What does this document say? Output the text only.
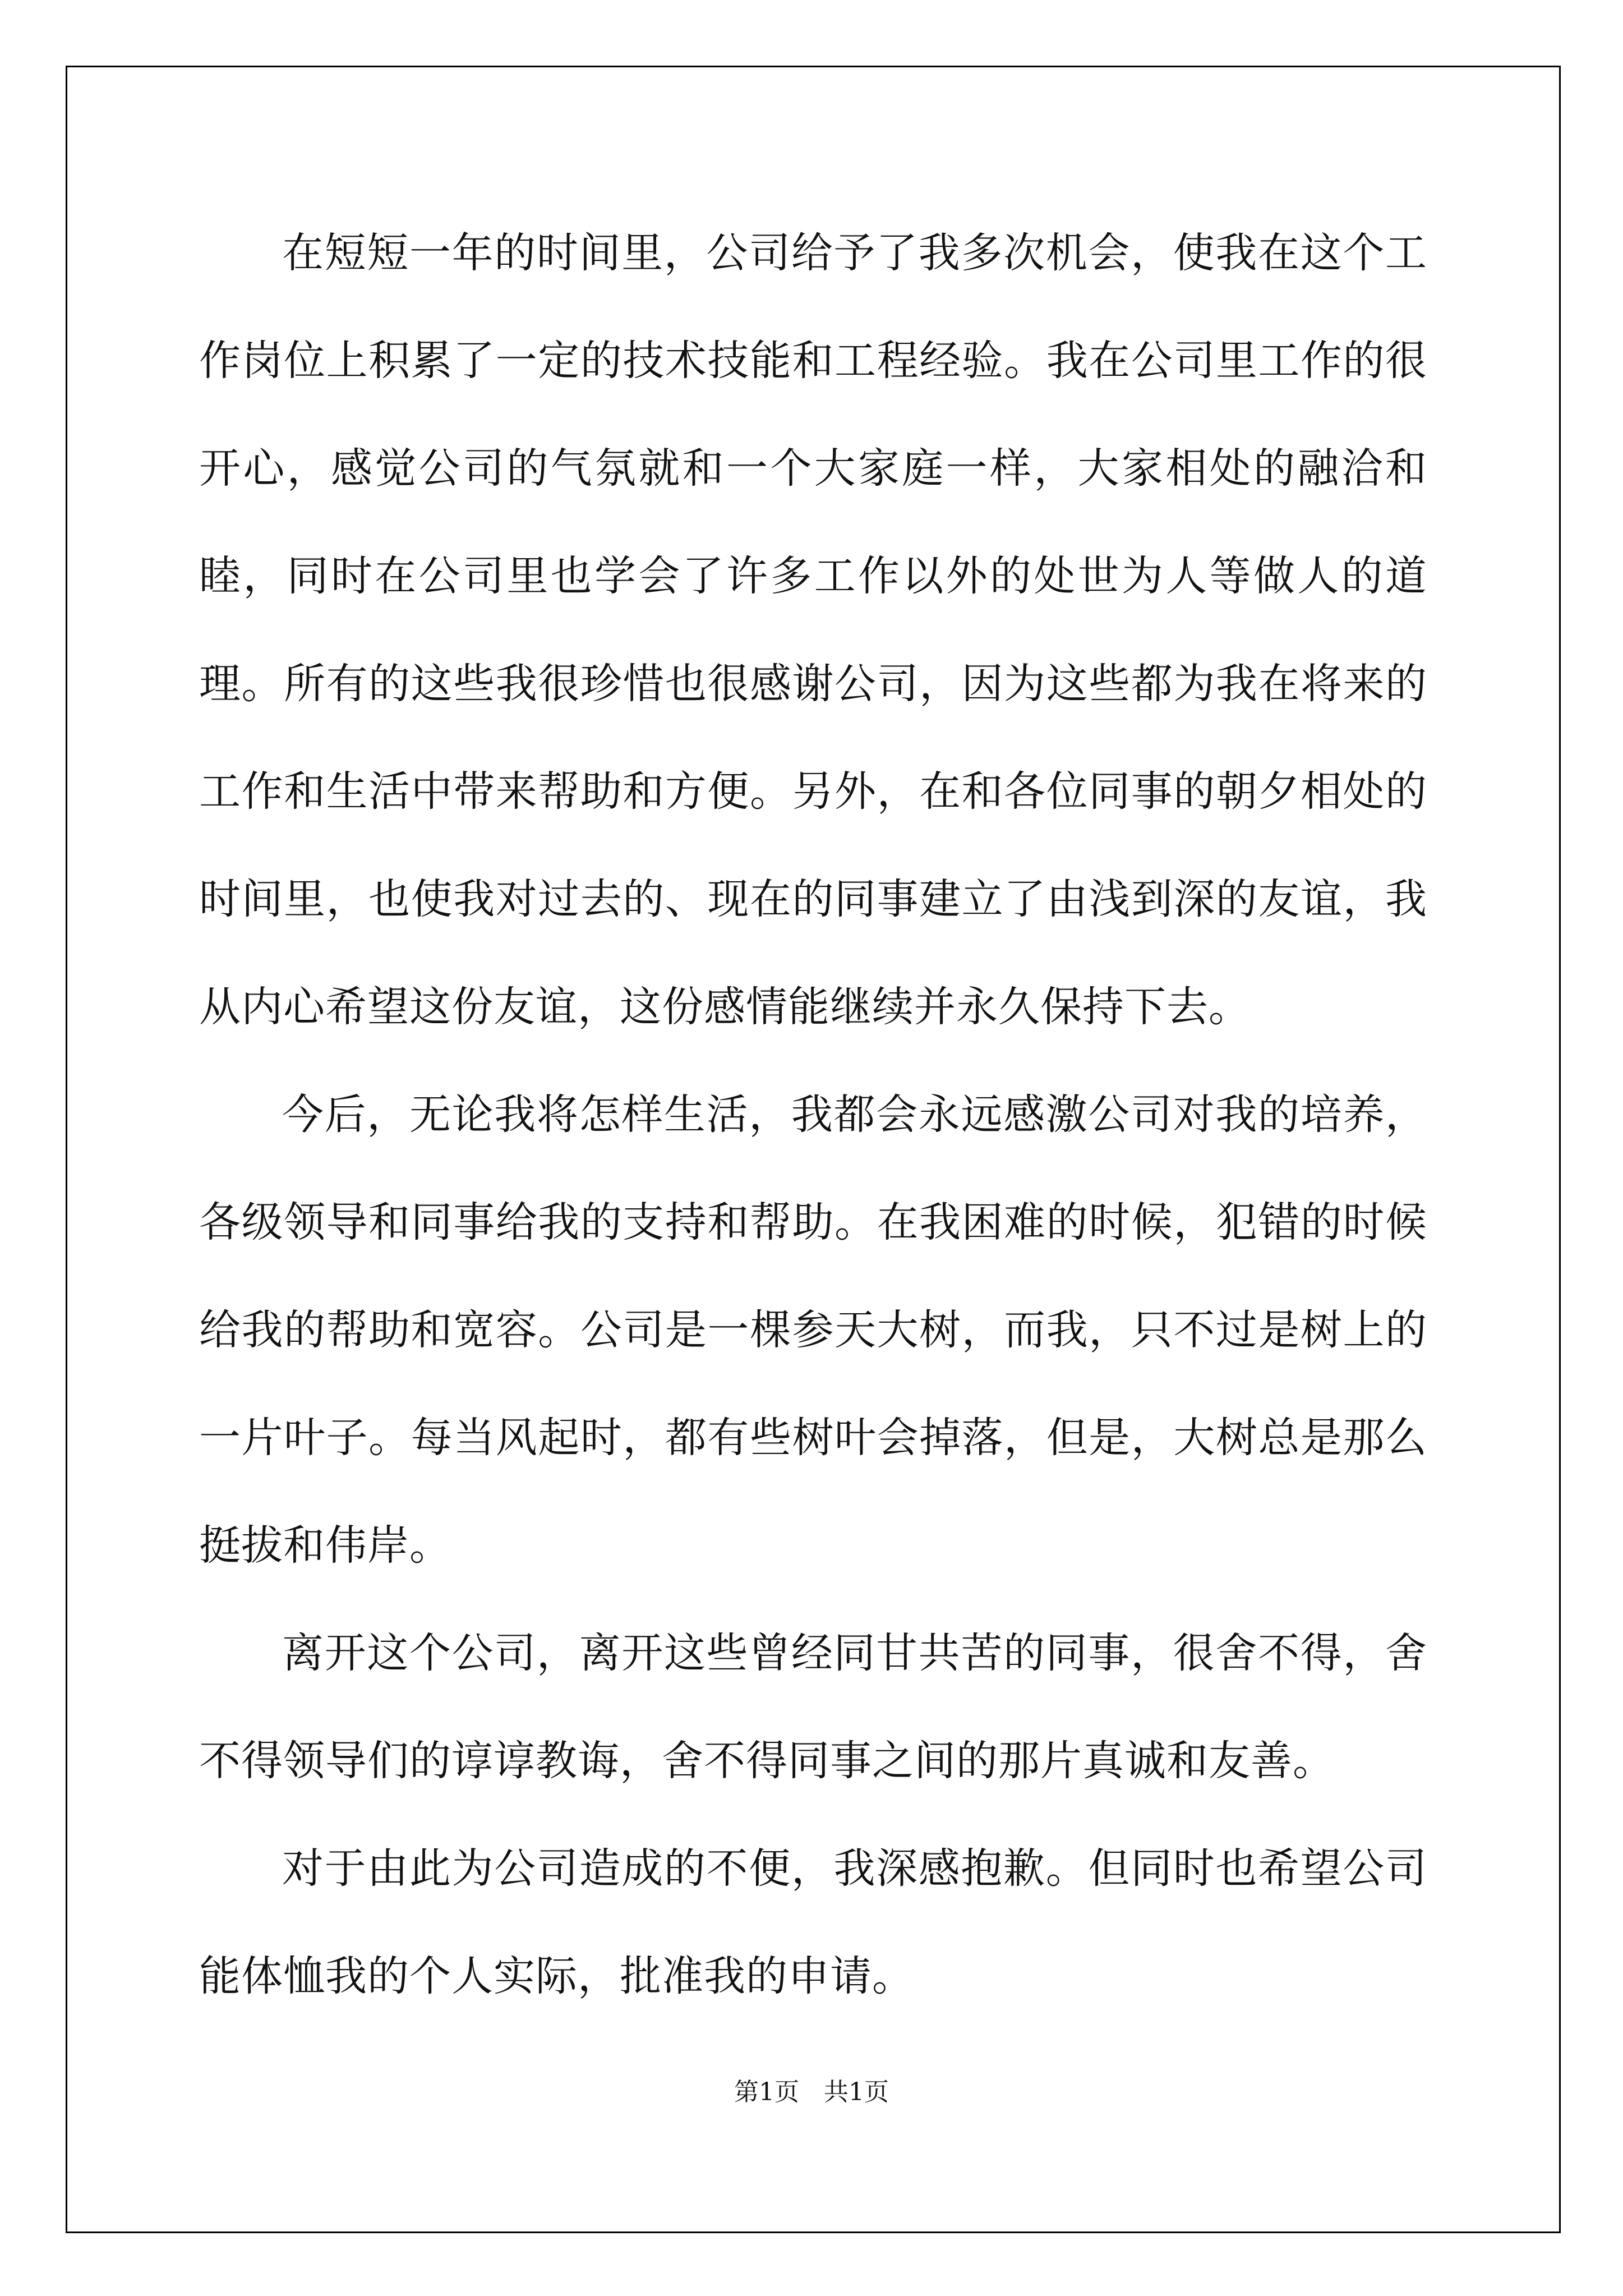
在短短一年的时间里，公司给予了我多次机会，使我在这个工作岗位上积累了一定的技术技能和工程经验。我在公司里工作的很开心，感觉公司的气氛就和一个大家庭一样，大家相处的融洽和睦，同时在公司里也学会了许多工作以外的处世为人等做人的道理。所有的这些我很珍惜也很感谢公司，因为这些都为我在将来的工作和生活中带来帮助和方便。另外，在和各位同事的朝夕相处的时间里，也使我对过去的、现在的同事建立了由浅到深的友谊，我从内心希望这份友谊，这份感情能继续并永久保持下去。

今后，无论我将怎样生活，我都会永远感激公司对我的培养，各级领导和同事给我的支持和帮助。在我困难的时候，犯错的时候给我的帮助和宽容。公司是一棵参天大树，而我，只不过是树上的一片叶子。每当风起时，都有些树叶会掉落，但是，大树总是那么挺拔和伟岸。

离开这个公司，离开这些曾经同甘共苦的同事，很舍不得，舍不得领导们的谆谆教诲，舍不得同事之间的那片真诚和友善。

对于由此为公司造成的不便，我深感抱歉。但同时也希望公司能体恤我的个人实际，批准我的申请。

第1页 共1页
